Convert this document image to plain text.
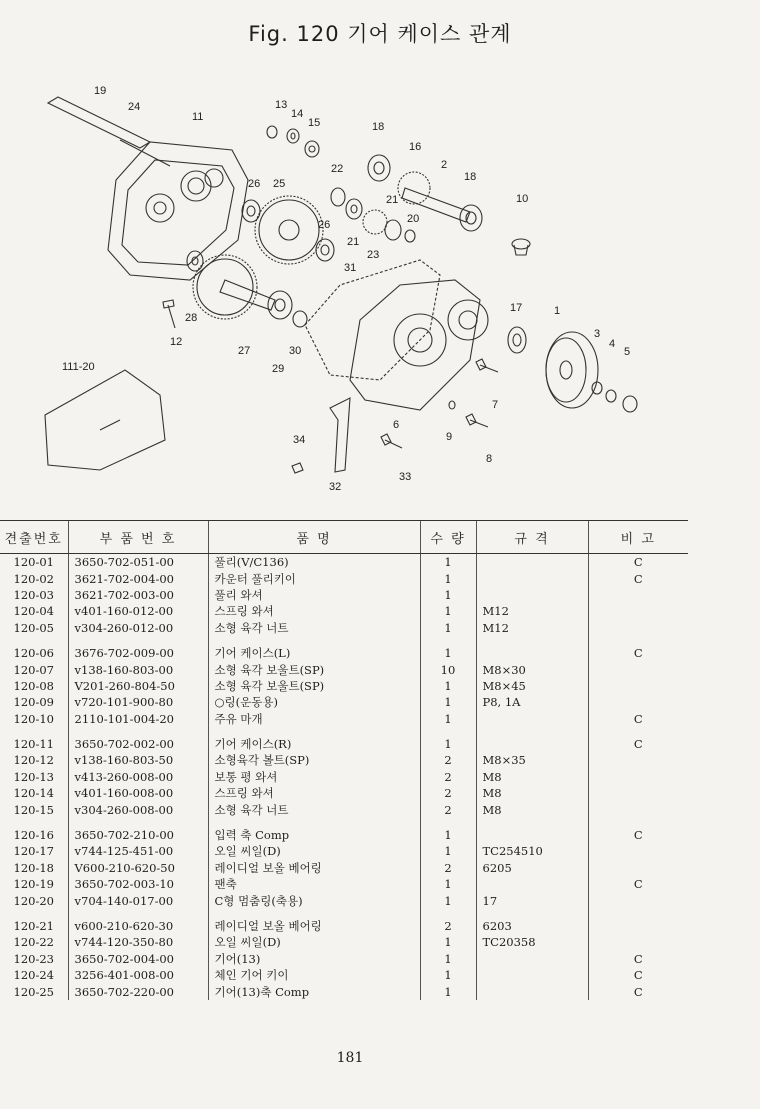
Fig. 120 기어 케이스 관계
19
24
11
13
14
15	18
16
2
18
10
26 25
22
21
20
26
21
23
31
17	1
3
4
5
28
12
27
29
30
111-20
7
9
6
8
34
33
32
견출번호	부 품 번 호	품 명	수 량	규 격	비 고
120-01	3650-702-051-00	풀리(V/C136)	1		C
120-02	3621-702-004-00	카운터 풀리키이	1		C
120-03	3621-702-003-00	풀리 와셔	1		
120-04	v401-160-012-00	스프링 와셔	1	M12	
120-05	v304-260-012-00	소형 육각 너트	1	M12	
120-06	3676-702-009-00	기어 케이스(L)	1		C
120-07	v138-160-803-00	소형 육각 보울트(SP)	10	M8×30	
120-08	V201-260-804-50	소형 육각 보울트(SP)	1	M8×45	
120-09	v720-101-900-80	○링(운동용)	1	P8, 1A	
120-10	2110-101-004-20	주유 마개	1		C
120-11	3650-702-002-00	기어 케이스(R)	1		C
120-12	v138-160-803-50	소형육각 볼트(SP)	2	M8×35	
120-13	v413-260-008-00	보통 평 와셔	2	M8	
120-14	v401-160-008-00	스프링 와셔	2	M8	
120-15	v304-260-008-00	소형 육각 너트	2	M8	
120-16	3650-702-210-00	입력 축 Comp	1		C
120-17	v744-125-451-00	오일 씨일(D)	1	TC254510	
120-18	V600-210-620-50	레이디얼 보올 베어링	2	6205	
120-19	3650-702-003-10	팬축	1		C
120-20	v704-140-017-00	C형 멈춤링(축용)	1	17	
120-21	v600-210-620-30	레이디얼 보올 베어링	2	6203	
120-22	v744-120-350-80	오일 씨일(D)	1	TC20358	
120-23	3650-702-004-00	기어(13)	1		C
120-24	3256-401-008-00	체인 기어 키이	1		C
120-25	3650-702-220-00	기어(13)축 Comp	1		C
181
